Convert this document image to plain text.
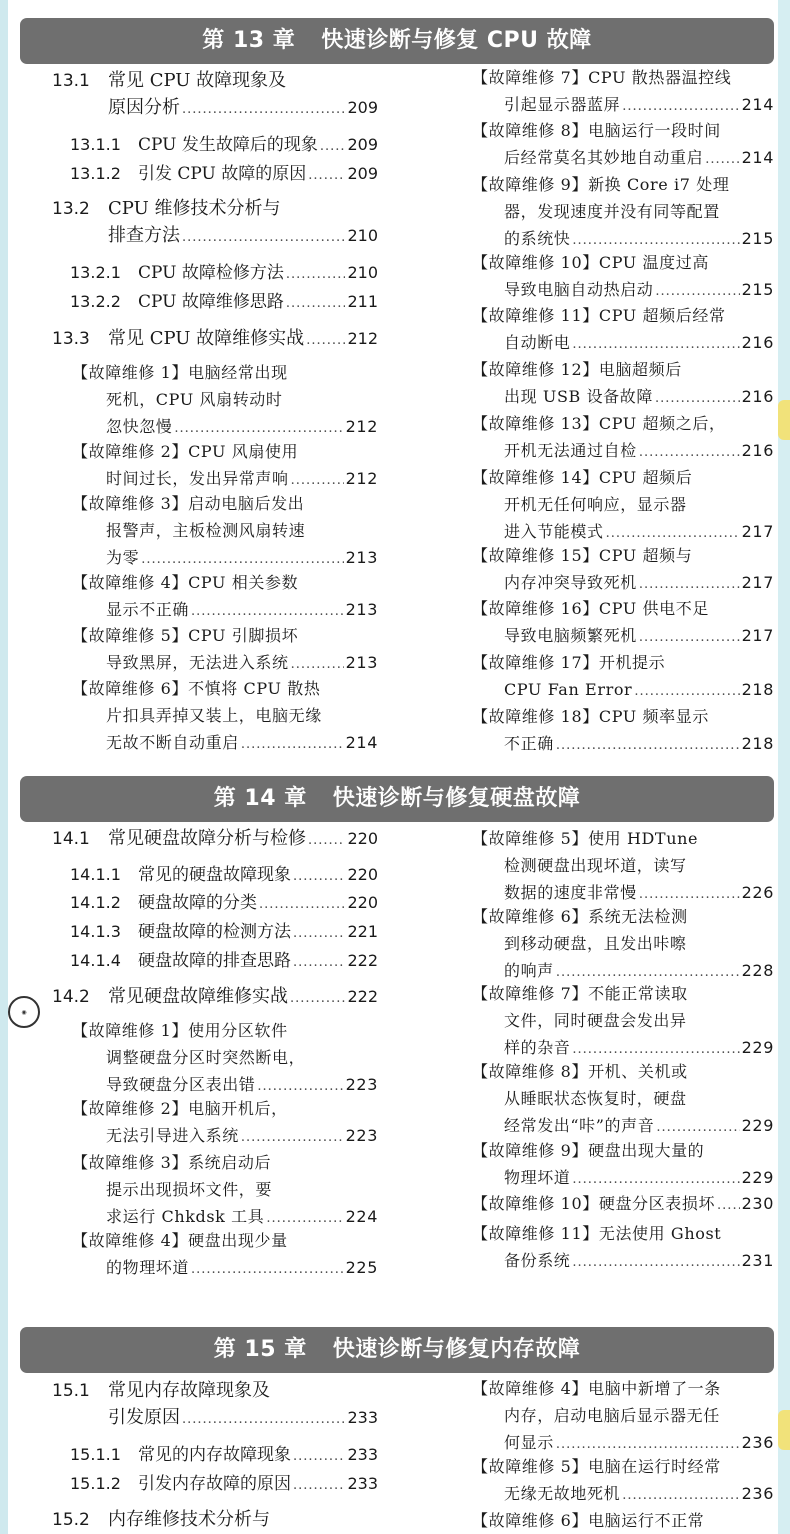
第 13 章 快速诊断与修复 CPU 故障
13.1 常见 CPU 故障现象及
原因分析 .....	209
13.1.1 CPU 发生故障后的现象 ..... 209
13.1.2 引发 CPU 故障的原因 .....	209
13.2 CPU 维修技术分析与
排查方法 .....	210
13.2.1 CPU 故障检修方法 .....	210
13.2.2 CPU 故障维修思路 .....	211
13.3 常见 CPU 故障维修实战 .....	212
【故障维修 1】电脑经常出现
死机，CPU 风扇转动时
忽快忽慢 .....	212
【故障维修 2】CPU 风扇使用
时间过长，发出异常声响 .....	212
【故障维修 3】启动电脑后发出
报警声，主板检测风扇转速
为零 .....	213
【故障维修 4】CPU 相关参数
显示不正确 .....	213
【故障维修 5】CPU 引脚损坏
导致黑屏，无法进入系统 .....	213
【故障维修 6】不慎将 CPU 散热
片扣具弄掉又装上，电脑无缘
无故不断自动重启 .....	214
【故障维修 7】CPU 散热器温控线
引起显示器蓝屏 .....	214
【故障维修 8】电脑运行一段时间
后经常莫名其妙地自动重启 ..... 214
【故障维修 9】新换 Core i7 处理
器，发现速度并没有同等配置
的系统快 .....	215
【故障维修 10】CPU 温度过高
导致电脑自动热启动 .....	215
【故障维修 11】CPU 超频后经常
自动断电 .....	216
【故障维修 12】电脑超频后
出现 USB 设备故障 .....	216
【故障维修 13】CPU 超频之后，
开机无法通过自检 .....	216
【故障维修 14】CPU 超频后
开机无任何响应，显示器
进入节能模式 .....	217
【故障维修 15】CPU 超频与
内存冲突导致死机 .....	217
【故障维修 16】CPU 供电不足
导致电脑频繁死机 .....	217
【故障维修 17】开机提示
CPU Fan Error .....	218
【故障维修 18】CPU 频率显示
不正确 .....	218
第 14 章 快速诊断与修复硬盘故障
14.1 常见硬盘故障分析与检修 .....	220
14.1.1 常见的硬盘故障现象 .....	220
14.1.2 硬盘故障的分类 .....	220
14.1.3 硬盘故障的检测方法 .....	221
14.1.4 硬盘故障的排查思路 .....	222
14.2 常见硬盘故障维修实战 .....	222
【故障维修 1】使用分区软件
调整硬盘分区时突然断电，
导致硬盘分区表出错 .....	223
【故障维修 2】电脑开机后，
无法引导进入系统 .....	223
【故障维修 3】系统启动后
提示出现损坏文件，要
求运行 Chkdsk 工具 .....	224
【故障维修 4】硬盘出现少量
的物理坏道 .....	225
【故障维修 5】使用 HDTune
检测硬盘出现坏道，读写
数据的速度非常慢 .....	226
【故障维修 6】系统无法检测
到移动硬盘，且发出咔嚓
的响声 .....	228
【故障维修 7】不能正常读取
文件，同时硬盘会发出异
样的杂音 .....	229
【故障维修 8】开机、关机或
从睡眠状态恢复时，硬盘
经常发出“咔”的声音 .....	229
【故障维修 9】硬盘出现大量的
物理坏道 .....	229
【故障维修 10】硬盘分区表损坏 ..... 230
【故障维修 11】无法使用 Ghost
备份系统 .....	231
第 15 章 快速诊断与修复内存故障
15.1 常见内存故障现象及
引发原因 .....	233
15.1.1 常见的内存故障现象 .....	233
15.1.2 引发内存故障的原因 .....	233
15.2 内存维修技术分析与
【故障维修 4】电脑中新增了一条
内存，启动电脑后显示器无任
何显示 .....	236
【故障维修 5】电脑在运行时经常
无缘无故地死机 .....	236
【故障维修 6】电脑运行不正常
◉
